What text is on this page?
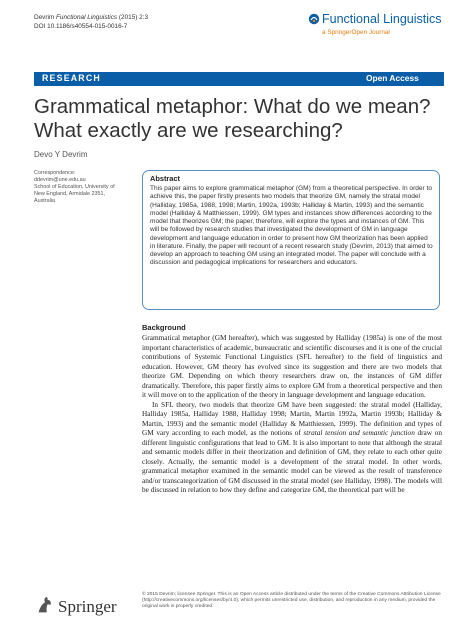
Devrim Functional Linguistics (2015) 2:3
DOI 10.1186/s40554-015-0016-7	Functional Linguistics
a SpringerOpen Journal
RESEARCH	Open Access
Grammatical metaphor: What do we mean? What exactly are we researching?
Devo Y Devrim
Correspondence:
ddevrim@une.edu.au
School of Education, University of
New England, Armidale 2351,
Australia
Abstract
This paper aims to explore grammatical metaphor (GM) from a theoretical perspective. In order to achieve this, the paper firstly presents two models that theorize GM, namely the stratal model (Halliday, 1985a, 1988, 1998; Martin, 1992a, 1993b; Halliday & Martin, 1993) and the semantic model (Halliday & Matthiessen, 1999). GM types and instances show differences according to the model that theorizes GM; the paper, therefore, will explore the types and instances of GM. This will be followed by research studies that investigated the development of GM in language development and language education in order to present how GM theorization has been applied in literature. Finally, the paper will recount of a recent research study (Devrim, 2013) that aimed to develop an approach to teaching GM using an integrated model. The paper will conclude with a discussion and pedagogical implications for researchers and educators.
Background

Grammatical metaphor (GM hereafter), which was suggested by Halliday (1985a) is one of the most important characteristics of academic, bureaucratic and scientific discourses and it is one of the crucial contributions of Systemic Functional Linguistics (SFL hereafter) to the field of linguistics and education. However, GM theory has evolved since its suggestion and there are two models that theorize GM. Depending on which theory researchers draw on, the instances of GM differ dramatically. Therefore, this paper firstly aims to explore GM from a theoretical perspective and then it will move on to the application of the theory in language development and language education.

In SFL theory, two models that theorize GM have been suggested: the stratal model (Halliday, Halliday 1985a, Halliday 1988, Halliday 1998; Martin, Martin 1992a, Martin 1993b; Halliday & Martin, 1993) and the semantic model (Halliday & Matthiessen, 1999). The definition and types of GM vary according to each model, as the notions of stratal tension and semantic junction draw on different linguistic configurations that lead to GM. It is also important to note that although the stratal and semantic models differ in their theorization and definition of GM, they relate to each other quite closely. Actually, the semantic model is a development of the stratal model. In other words, grammatical metaphor examined in the semantic model can be viewed as the result of transference and/or transcategorization of GM discussed in the stratal model (see Halliday, 1998). The models will be discussed in relation to how they define and categorize GM, the theoretical part will be

Springer
© 2015 Devrim; licensee Springer. This is an Open Access article distributed under the terms of the Creative Commons Attribution License (http://creativecommons.org/licenses/by/4.0), which permits unrestricted use, distribution, and reproduction in any medium, provided the original work is properly credited.
